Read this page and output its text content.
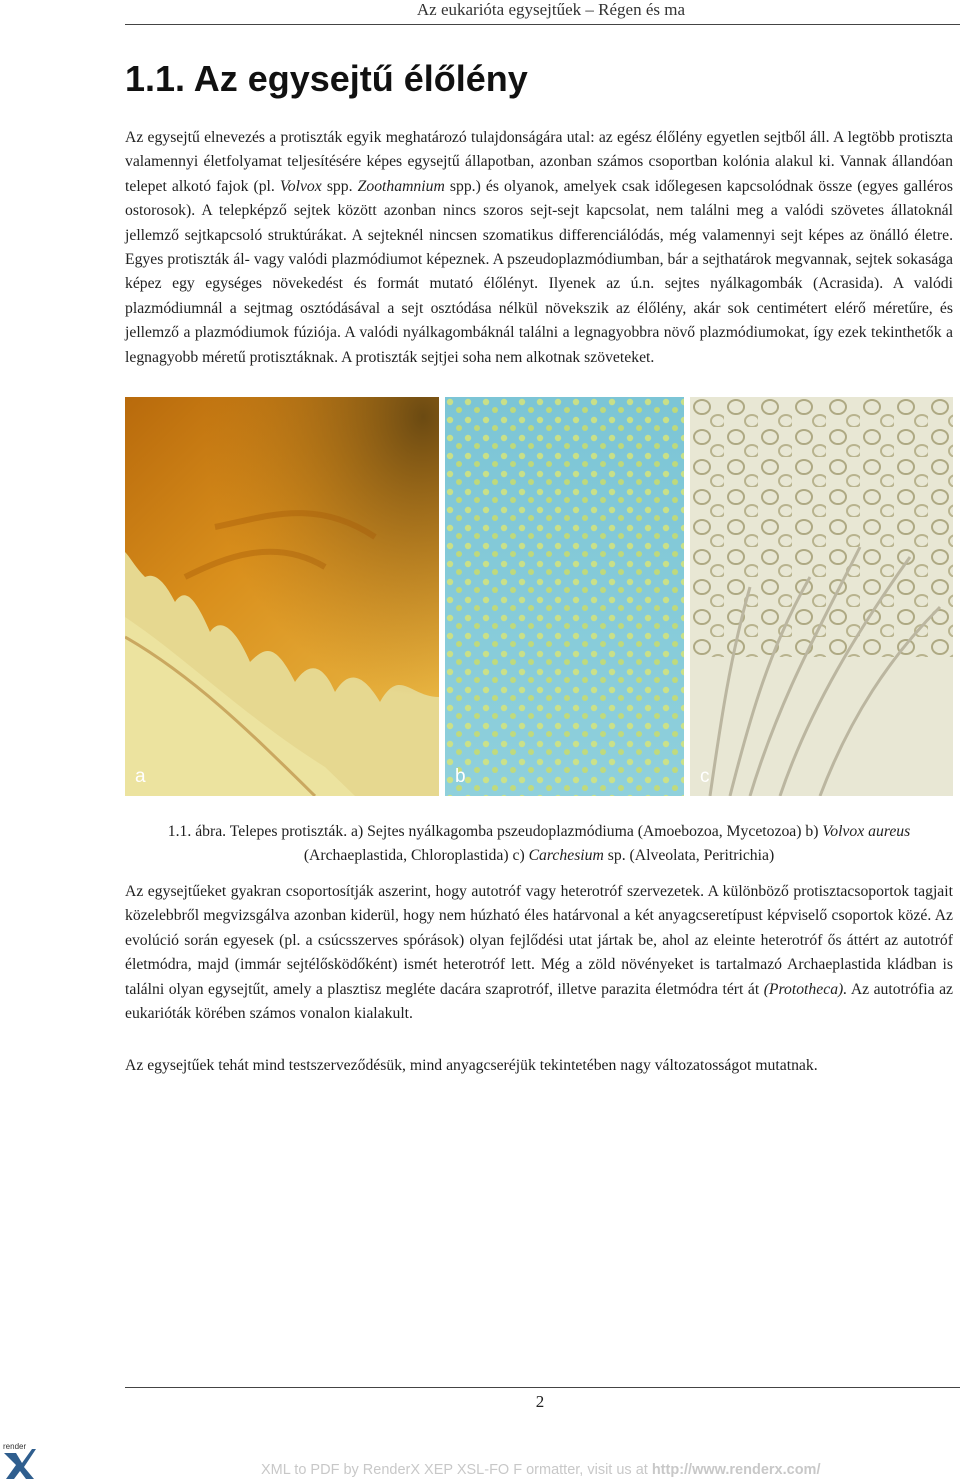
Az eukarióta egysejtűek – Régen és ma
1.1. Az egysejtű élőlény

Az egysejtű elnevezés a protiszták egyik meghatározó tulajdonságára utal: az egész élőlény egyetlen sejtből áll. A legtöbb protiszta valamennyi életfolyamat teljesítésére képes egysejtű állapotban, azonban számos csoportban kolónia alakul ki. Vannak állandóan telepet alkotó fajok (pl. Volvox spp. Zoothamnium spp.) és olyanok, amelyek csak időlegesen kapcsolódnak össze (egyes galléros ostorosok). A telepképző sejtek között azonban nincs szoros sejt-sejt kapcsolat, nem találni meg a valódi szövetes állatoknál jellemző sejtkapcsoló struktúrákat. A sejteknél nincsen szomatikus differenciálódás, még valamennyi sejt képes az önálló életre. Egyes protiszták ál- vagy valódi plazmódiumot képeznek. A pszeudoplazmódiumban, bár a sejthatárok megvannak, sejtek sokasága képez egy egységes növekedést és formát mutató élőlényt. Ilyenek az ú.n. sejtes nyálkagombák (Acrasida). A valódi plazmódiumnál a sejtmag osztódásával a sejt osztódása nélkül növekszik az élőlény, akár sok centimétert elérő méretűre, és jellemző a plazmódiumok fúziója. A valódi nyálkagombáknál találni a legnagyobbra növő plazmódiumokat, így ezek tekinthetők a legnagyobb méretű protisztáknak. A protiszták sejtjei soha nem alkotnak szöveteket.

a	b	c

1.1. ábra. Telepes protiszták. a) Sejtes nyálkagomba pszeudoplazmódiuma (Amoebozoa, Mycetozoa) b) Volvox aureus (Archaeplastida, Chloroplastida) c) Carchesium sp. (Alveolata, Peritrichia)

Az egysejtűeket gyakran csoportosítják aszerint, hogy autotróf vagy heterotróf szervezetek. A különböző protisztacsoportok tagjait közelebbről megvizsgálva azonban kiderül, hogy nem húzható éles határvonal a két anyagcseretípust képviselő csoportok közé. Az evolúció során egyesek (pl. a csúcsszerves spórások) olyan fejlődési utat jártak be, ahol az eleinte heterotróf ős áttért az autotróf életmódra, majd (immár sejtélősködőként) ismét heterotróf lett. Még a zöld növényeket is tartalmazó Archaeplastida kládban is találni olyan egysejtűt, amely a plasztisz megléte dacára szaprotróf, illetve parazita életmódra tért át (Prototheca). Az autotrófia az eukarióták körében számos vonalon kialakult.

Az egysejtűek tehát mind testszerveződésük, mind anyagcseréjük tekintetében nagy változatosságot mutatnak.

2
render
XML to PDF by RenderX XEP XSL-FO F ormatter, visit us at http://www.renderx.com/
